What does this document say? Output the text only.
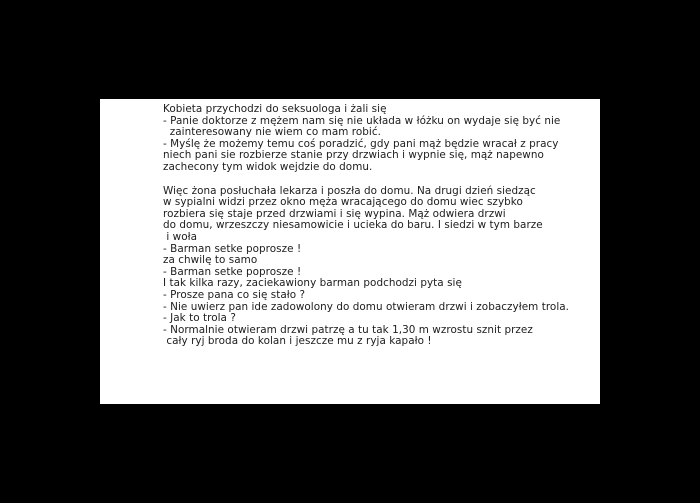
Kobieta przychodzi do seksuologa i żali się
- Panie doktorze z mężem nam się nie układa w łóżku on wydaje się być nie
zainteresowany nie wiem co mam robić.
- Myślę że możemy temu coś poradzić, gdy pani mąż będzie wracał z pracy
niech pani sie rozbierze stanie przy drzwiach i wypnie się, mąż napewno
zachecony tym widok wejdzie do domu.
Więc żona posłuchała lekarza i poszła do domu. Na drugi dzień siedząc
w sypialni widzi przez okno męża wracającego do domu wiec szybko
rozbiera się staje przed drzwiami i się wypina. Mąż odwiera drzwi
do domu, wrzeszczy niesamowicie i ucieka do baru. I siedzi w tym barze
i woła
- Barman setke poprosze !
za chwilę to samo
- Barman setke poprosze !
I tak kilka razy, zaciekawiony barman podchodzi pyta się
- Prosze pana co się stało ?
- Nie uwierz pan ide zadowolony do domu otwieram drzwi i zobaczyłem trola.
- Jak to trola ?
- Normalnie otwieram drzwi patrzę a tu tak 1,30 m wzrostu sznit przez
cały ryj broda do kolan i jeszcze mu z ryja kapało !
